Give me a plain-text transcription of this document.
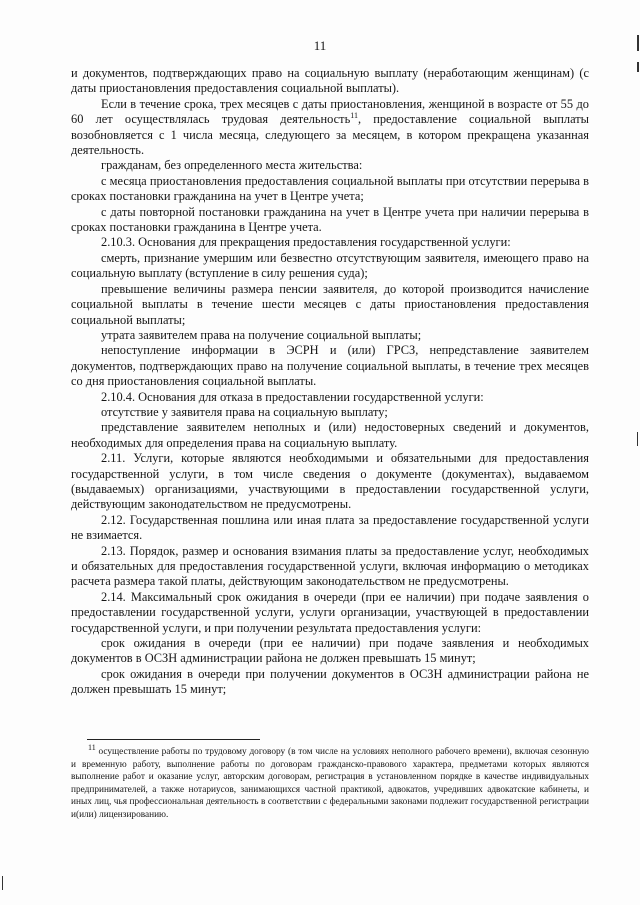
11

и документов, подтверждающих право на социальную выплату (неработающим женщинам) (с даты приостановления предоставления социальной выплаты).

Если в течение срока, трех месяцев с даты приостановления, женщиной в возрасте от 55 до 60 лет осуществлялась трудовая деятельность$^{11}$, предоставление социальной выплаты возобновляется с 1 числа месяца, следующего за месяцем, в котором прекращена указанная деятельность.

гражданам, без определенного места жительства:

с месяца приостановления предоставления социальной выплаты при отсутствии перерыва в сроках постановки гражданина на учет в Центре учета;

с даты повторной постановки гражданина на учет в Центре учета при наличии перерыва в сроках постановки гражданина в Центре учета.

2.10.3. Основания для прекращения предоставления государственной услуги:

смерть, признание умершим или безвестно отсутствующим заявителя, имеющего право на социальную выплату (вступление в силу решения суда);

превышение величины размера пенсии заявителя, до которой производится начисление социальной выплаты в течение шести месяцев с даты приостановления предоставления социальной выплаты;

утрата заявителем права на получение социальной выплаты;

непоступление информации в ЭСРН и (или) ГРСЗ, непредставление заявителем документов, подтверждающих право на получение социальной выплаты, в течение трех месяцев со дня приостановления социальной выплаты.

2.10.4. Основания для отказа в предоставлении государственной услуги:

отсутствие у заявителя права на социальную выплату;

представление заявителем неполных и (или) недостоверных сведений и документов, необходимых для определения права на социальную выплату.

2.11. Услуги, которые являются необходимыми и обязательными для предоставления государственной услуги, в том числе сведения о документе (документах), выдаваемом (выдаваемых) организациями, участвующими в предоставлении государственной услуги, действующим законодательством не предусмотрены.

2.12. Государственная пошлина или иная плата за предоставление государственной услуги не взимается.

2.13. Порядок, размер и основания взимания платы за предоставление услуг, необходимых и обязательных для предоставления государственной услуги, включая информацию о методиках расчета размера такой платы, действующим законодательством не предусмотрены.

2.14. Максимальный срок ожидания в очереди (при ее наличии) при подаче заявления о предоставлении государственной услуги, услуги организации, участвующей в предоставлении государственной услуги, и при получении результата предоставления услуги:

срок ожидания в очереди (при ее наличии) при подаче заявления и необходимых документов в ОСЗН администрации района не должен превышать 15 минут;

срок ожидания в очереди при получении документов в ОСЗН администрации района не должен превышать 15 минут;

$^{11}$ осуществление работы по трудовому договору (в том числе на условиях неполного рабочего времени), включая сезонную и временную работу, выполнение работы по договорам гражданско-правового характера, предметами которых являются выполнение работ и оказание услуг, авторским договорам, регистрация в установленном порядке в качестве индивидуальных предпринимателей, а также нотариусов, занимающихся частной практикой, адвокатов, учредивших адвокатские кабинеты, и иных лиц, чья профессиональная деятельность в соответствии с федеральными законами подлежит государственной регистрации и(или) лицензированию.
